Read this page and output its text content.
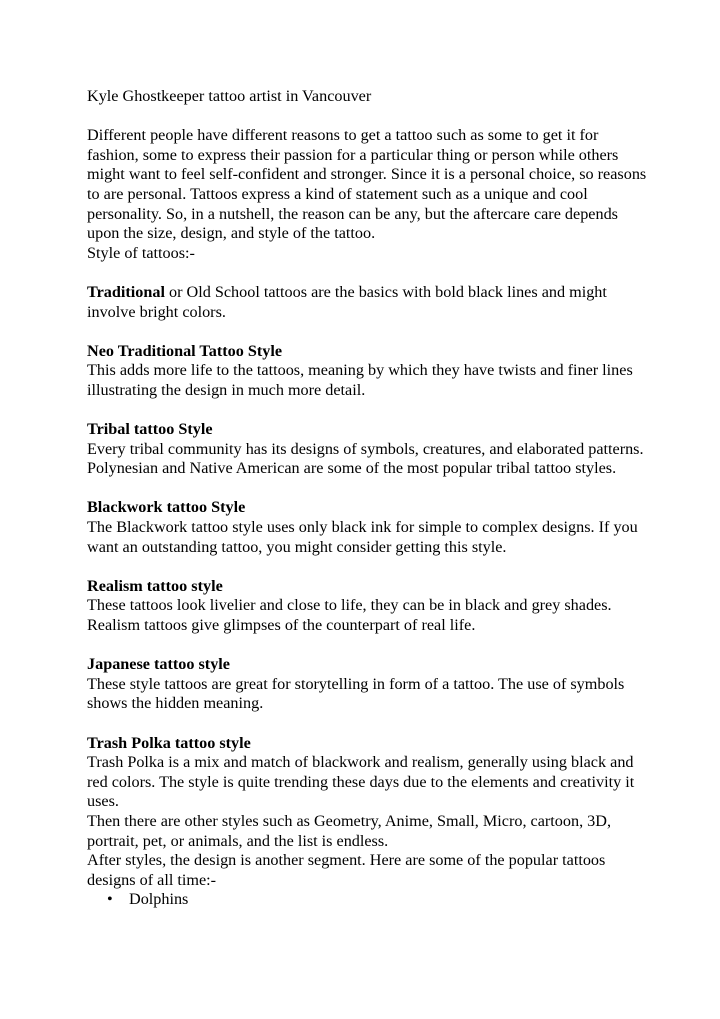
Kyle Ghostkeeper tattoo artist in Vancouver

Different people have different reasons to get a tattoo such as some to get it for fashion, some to express their passion for a particular thing or person while others might want to feel self-confident and stronger. Since it is a personal choice, so reasons to are personal. Tattoos express a kind of statement such as a unique and cool personality. So, in a nutshell, the reason can be any, but the aftercare care depends upon the size, design, and style of the tattoo.

Style of tattoos:-

Traditional or Old School tattoos are the basics with bold black lines and might involve bright colors.

Neo Traditional Tattoo Style

This adds more life to the tattoos, meaning by which they have twists and finer lines illustrating the design in much more detail.

Tribal tattoo Style

Every tribal community has its designs of symbols, creatures, and elaborated patterns. Polynesian and Native American are some of the most popular tribal tattoo styles.

Blackwork tattoo Style

The Blackwork tattoo style uses only black ink for simple to complex designs. If you want an outstanding tattoo, you might consider getting this style.

Realism tattoo style

These tattoos look livelier and close to life, they can be in black and grey shades. Realism tattoos give glimpses of the counterpart of real life.

Japanese tattoo style

These style tattoos are great for storytelling in form of a tattoo. The use of symbols shows the hidden meaning.

Trash Polka tattoo style

Trash Polka is a mix and match of blackwork and realism, generally using black and red colors. The style is quite trending these days due to the elements and creativity it uses.

Then there are other styles such as Geometry, Anime, Small, Micro, cartoon, 3D, portrait, pet, or animals, and the list is endless.

After styles, the design is another segment. Here are some of the popular tattoos designs of all time:-

• Dolphins
